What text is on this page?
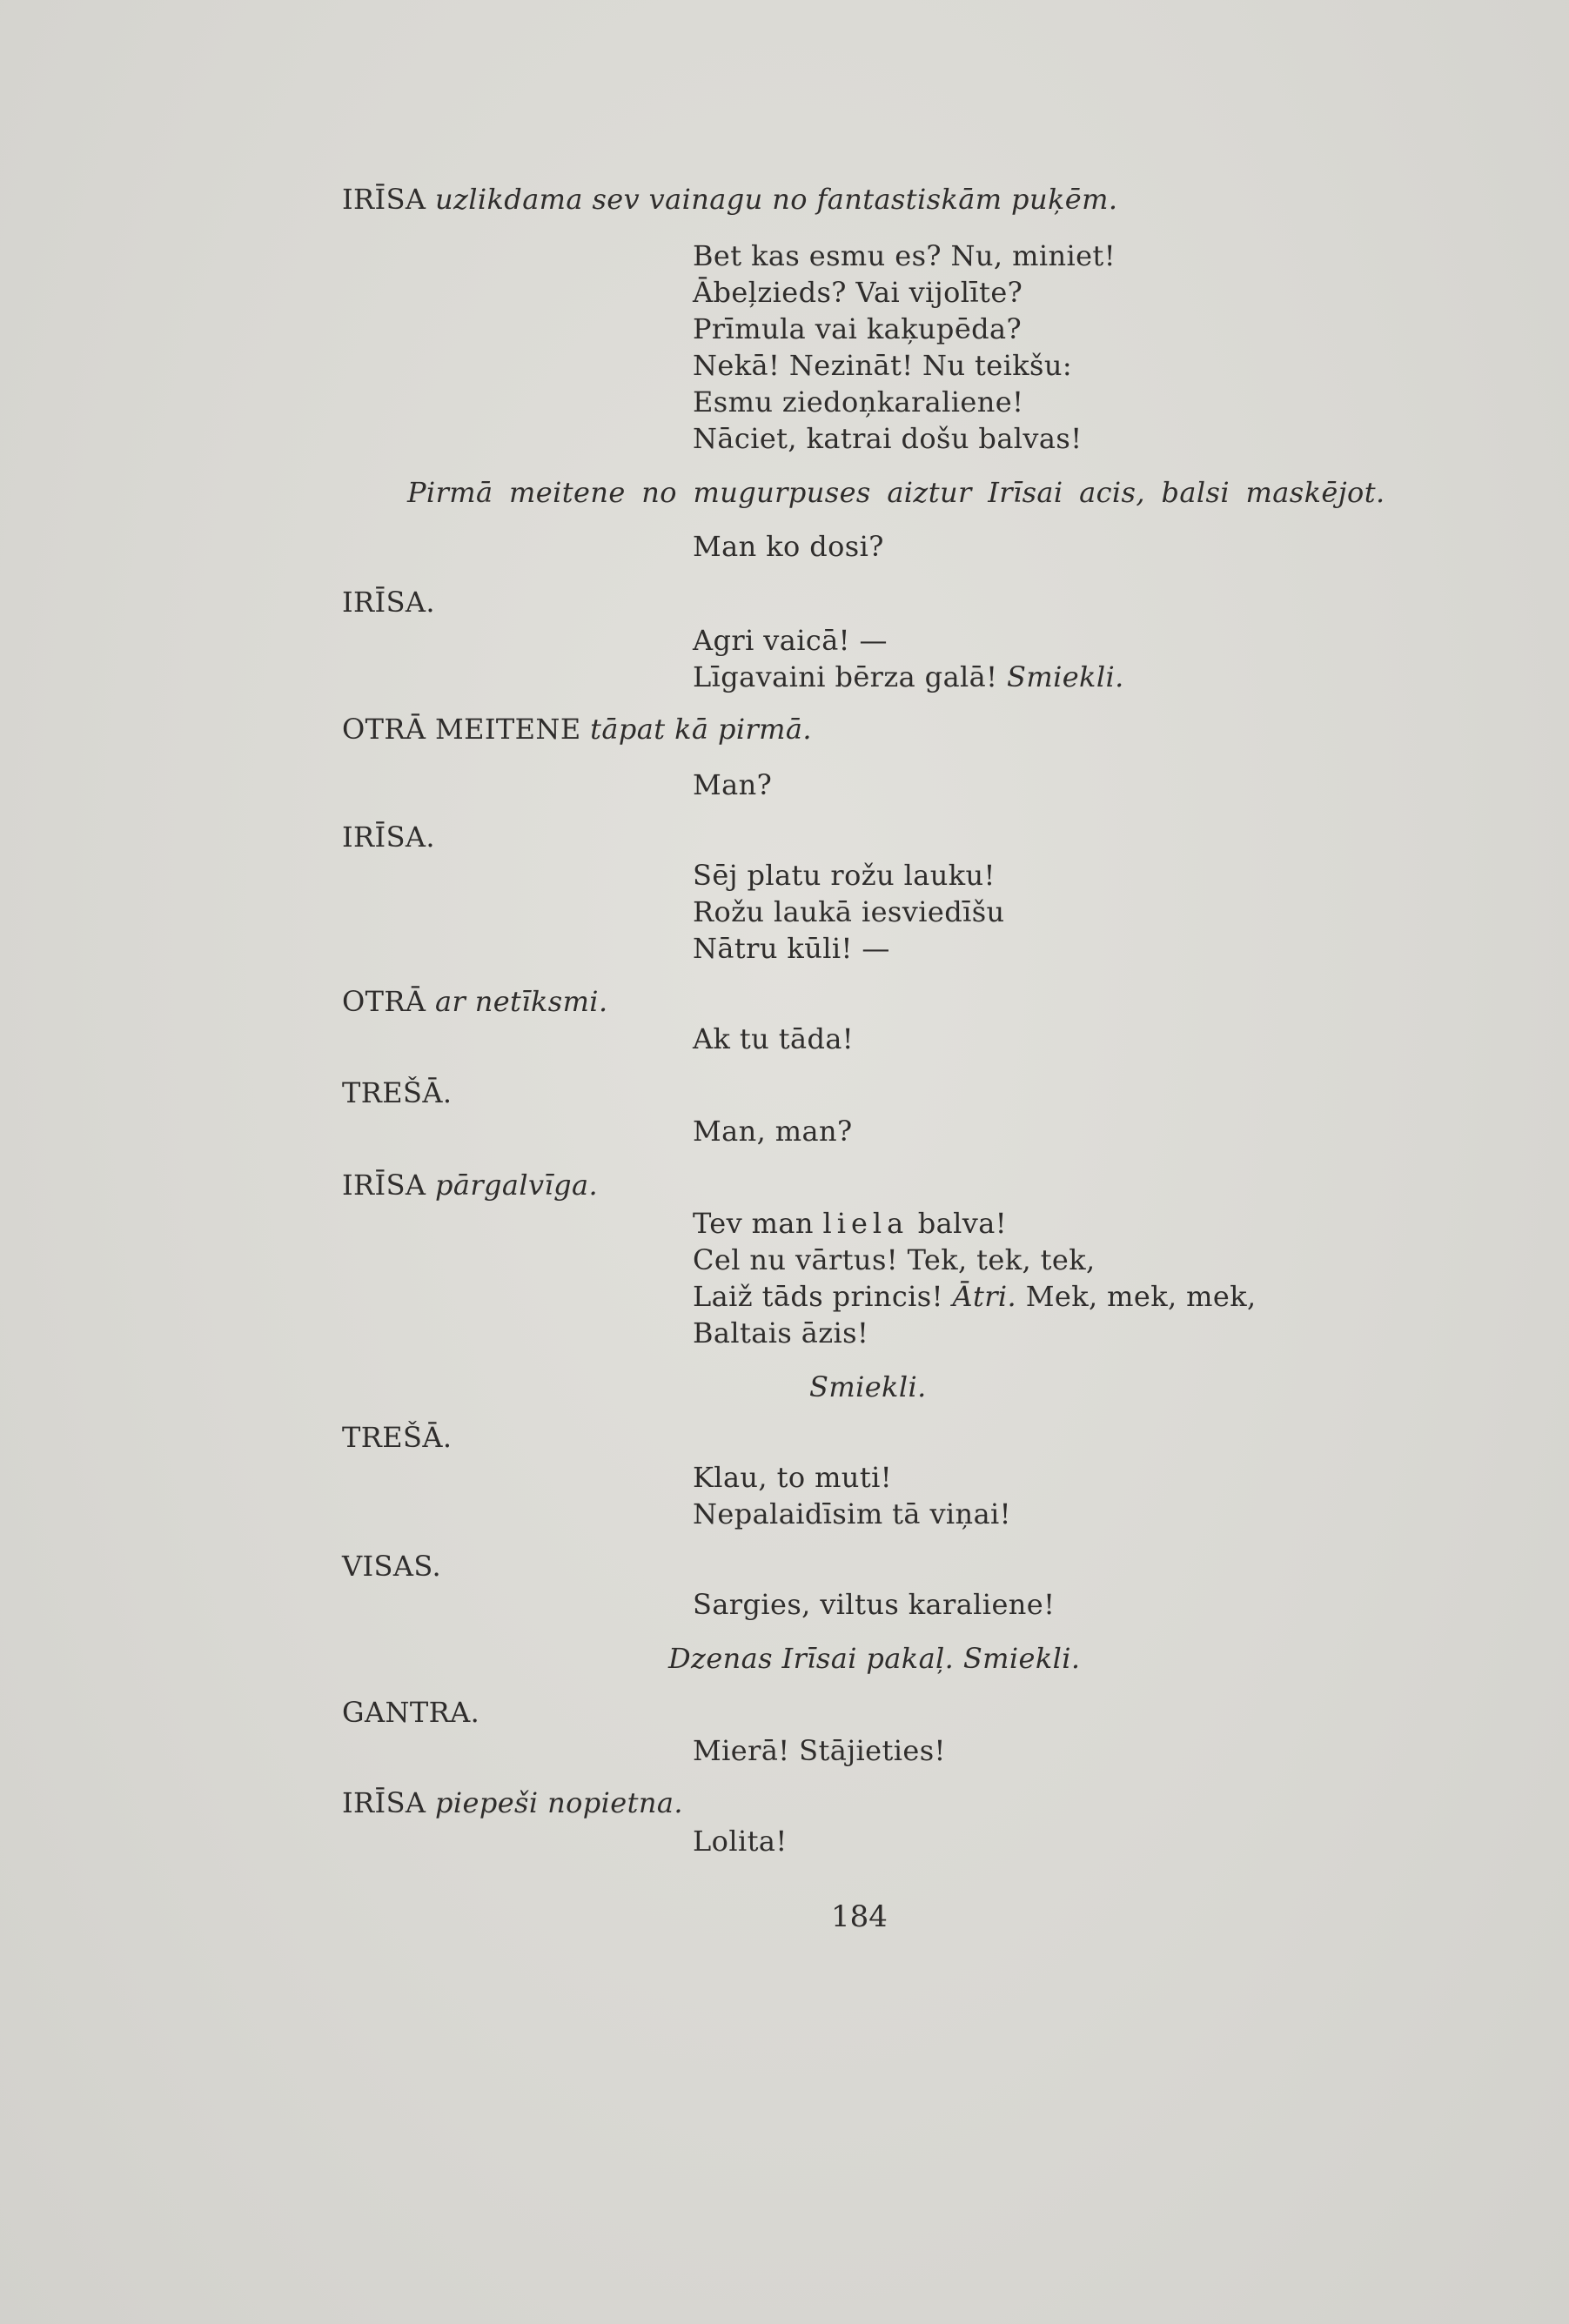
IRĪSA uzlikdama sev vainagu no fantastiskām puķēm.
Bet kas esmu es? Nu, miniet!
Ābeļzieds? Vai vijolīte?
Prīmula vai kaķupēda?
Nekā! Nezināt! Nu teikšu:
Esmu ziedoņkaraliene!
Nāciet, katrai došu balvas!
Pirmā meitene no mugurpuses aiztur Irīsai acis, balsi maskējot.
Man ko dosi?
IRĪSA.
Agri vaicā! —
Līgavaini bērza galā! Smiekli.
OTRĀ MEITENE tāpat kā pirmā.
Man?
IRĪSA.
Sēj platu rožu lauku!
Rožu laukā iesviedīšu
Nātru kūli! —
OTRĀ ar netīksmi.
Ak tu tāda!
TREŠĀ.
Man, man?
IRĪSA pārgalvīga.
Tev man liela balva!
Cel nu vārtus! Tek, tek, tek,
Laiž tāds princis! Ātri. Mek, mek, mek,
Baltais āzis!
Smiekli.
TREŠĀ.
Klau, to muti!
Nepalaidīsim tā viņai!
VISAS.
Sargies, viltus karaliene!
Dzenas Irīsai pakaļ. Smiekli.
GANTRA.
Mierā! Stājieties!
IRĪSA piepeši nopietna.
Lolita!
184
